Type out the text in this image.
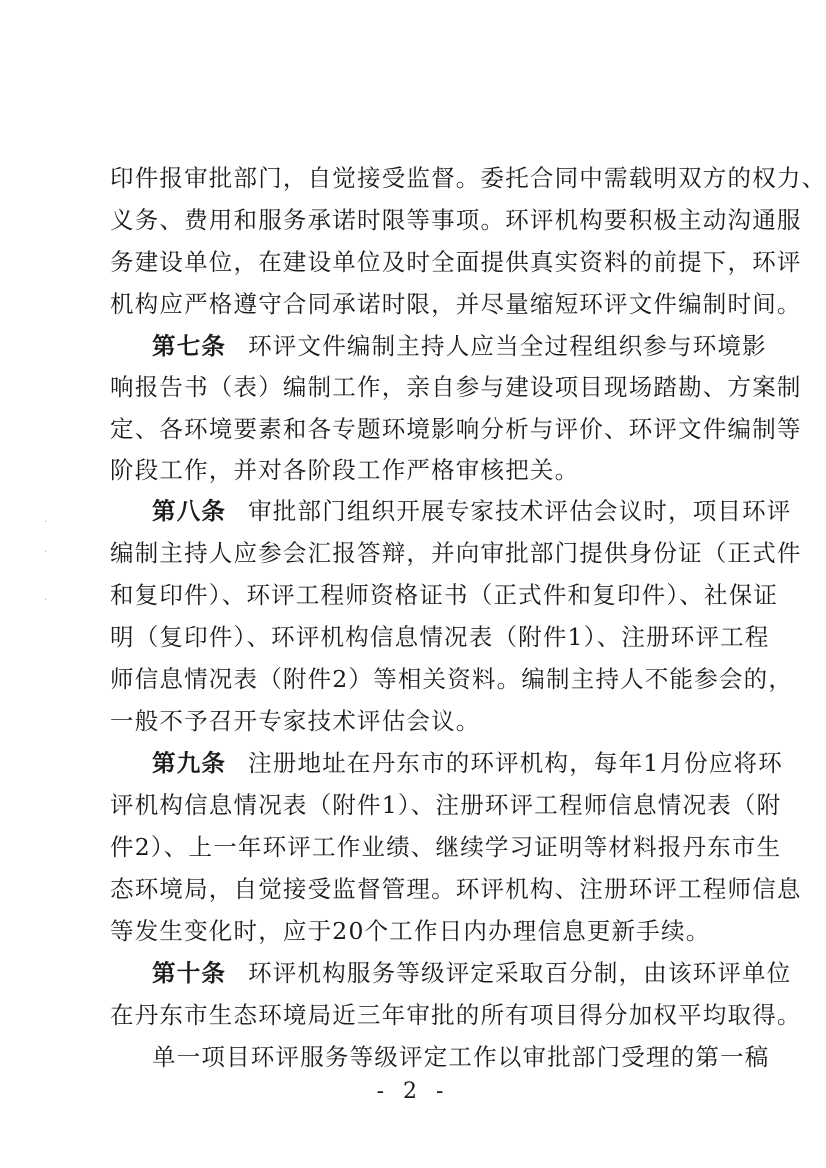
印件报审批部门，自觉接受监督。委托合同中需载明双方的权力、
义务、费用和服务承诺时限等事项。环评机构要积极主动沟通服
务建设单位，在建设单位及时全面提供真实资料的前提下，环评
机构应严格遵守合同承诺时限，并尽量缩短环评文件编制时间。
第七条 环评文件编制主持人应当全过程组织参与环境影
响报告书（表）编制工作，亲自参与建设项目现场踏勘、方案制
定、各环境要素和各专题环境影响分析与评价、环评文件编制等
阶段工作，并对各阶段工作严格审核把关。
第八条 审批部门组织开展专家技术评估会议时，项目环评
编制主持人应参会汇报答辩，并向审批部门提供身份证（正式件
和复印件）、环评工程师资格证书（正式件和复印件）、社保证
明（复印件）、环评机构信息情况表（附件1）、注册环评工程
师信息情况表（附件2）等相关资料。编制主持人不能参会的，
一般不予召开专家技术评估会议。
第九条 注册地址在丹东市的环评机构，每年1月份应将环
评机构信息情况表（附件1）、注册环评工程师信息情况表（附
件2）、上一年环评工作业绩、继续学习证明等材料报丹东市生
态环境局，自觉接受监督管理。环评机构、注册环评工程师信息
等发生变化时，应于20个工作日内办理信息更新手续。
第十条 环评机构服务等级评定采取百分制，由该环评单位
在丹东市生态环境局近三年审批的所有项目得分加权平均取得。
单一项目环评服务等级评定工作以审批部门受理的第一稿
·
·
·
- 2 -
